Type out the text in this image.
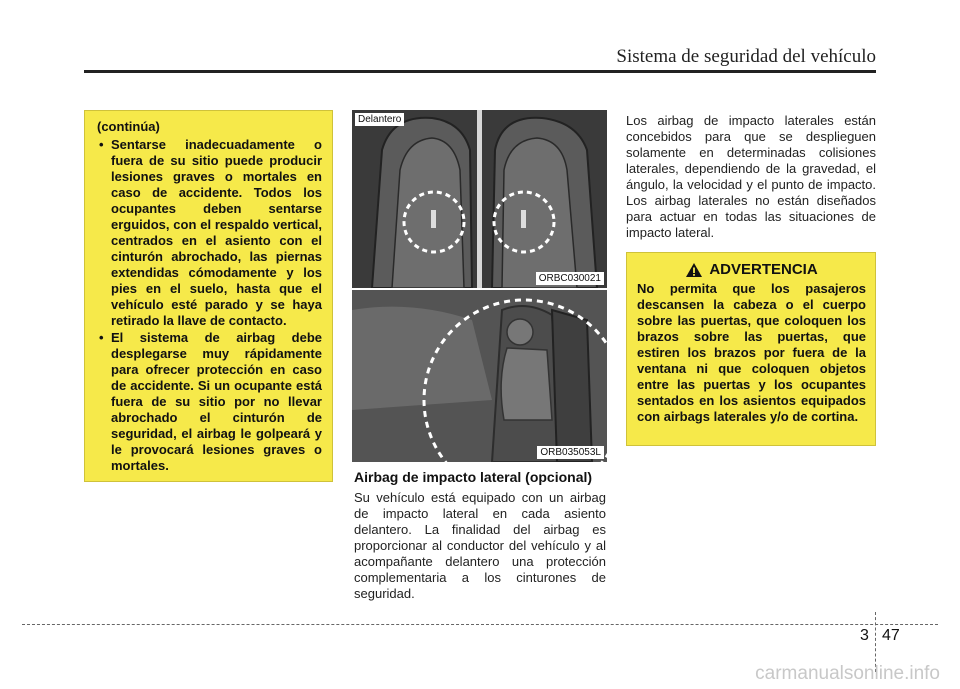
Sistema de seguridad del vehículo

(continúa)

• Sentarse inadecuadamente o fuera de su sitio puede producir lesiones graves o mortales en caso de accidente. Todos los ocupantes deben sentarse erguidos, con el respaldo vertical, centrados en el asiento con el cinturón abrochado, las piernas extendidas cómodamente y los pies en el suelo, hasta que el vehículo esté parado y se haya retirado la llave de contacto.
• El sistema de airbag debe desplegarse muy rápidamente para ofrecer protección en caso de accidente. Si un ocupante está fuera de su sitio por no llevar abrochado el cinturón de seguridad, el airbag le golpeará y le provocará lesiones graves o mortales.
Delantero
ORBC030021
ORB035053L
Airbag de impacto lateral (opcional)
Su vehículo está equipado con un airbag de impacto lateral en cada asiento delantero. La finalidad del airbag es proporcionar al conductor del vehículo y al acompañante delantero una protección complementaria a los cinturones de seguridad.
Los airbag de impacto laterales están concebidos para que se desplieguen solamente en determinadas colisiones laterales, dependiendo de la gravedad, el ángulo, la velocidad y el punto de impacto. Los airbag laterales no están diseñados para actuar en todas las situaciones de impacto lateral.
ADVERTENCIA
No permita que los pasajeros descansen la cabeza o el cuerpo sobre las puertas, que coloquen los brazos sobre las puertas, que estiren los brazos por fuera de la ventana ni que coloquen objetos entre las puertas y los ocupantes sentados en los asientos equipados con airbags laterales y/o de cortina.
3 47
carmanualsonline.info
